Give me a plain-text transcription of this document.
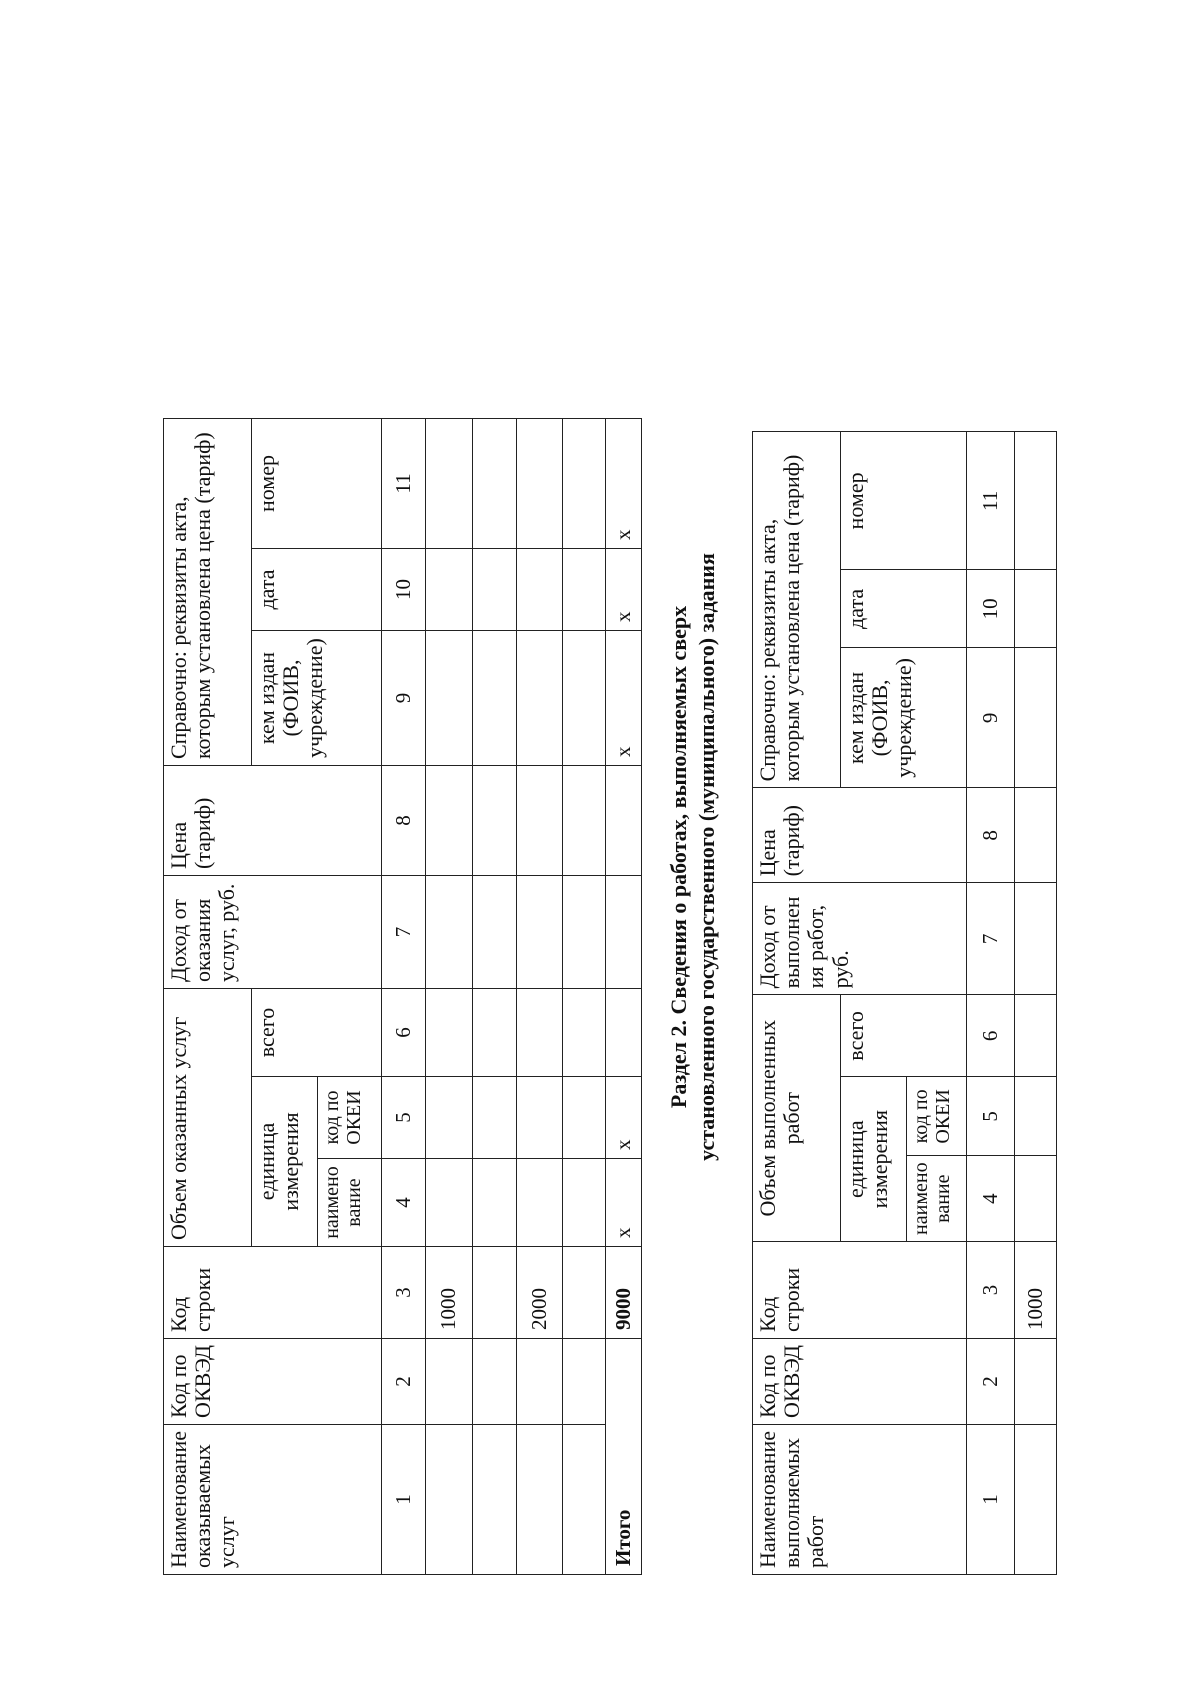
Наименование оказываемых услуг	Код по ОКВЭД	Код строки	Объем оказанных услуг			Доход от оказания услуг, руб.	Цена (тариф)	Справочно: реквизиты акта, которым установлена цена (тариф)		
			единица измерения		всего			кем издан (ФОИВ, учреждение)	дата	номер
			наимено вание	код по ОКЕИ						
1	2	3	4	5	6	7	8	9	10	11
		1000								

		2000								

Итого		9000	х	х				х	х	х
Раздел 2. Сведения о работах, выполняемых сверх установленного государственного (муниципального) задания
Наименование выполняемых работ	Код по ОКВЭД	Код строки	Объем выполненных работ			Доход от выполнен ия работ, руб.	Цена (тариф)	Справочно: реквизиты акта, которым установлена цена (тариф)		
			единица измерения		всего			кем издан (ФОИВ, учреждение)	дата	номер
			наимено вание	код по ОКЕИ						
1	2	3	4	5	6	7	8	9	10	11
		1000								
